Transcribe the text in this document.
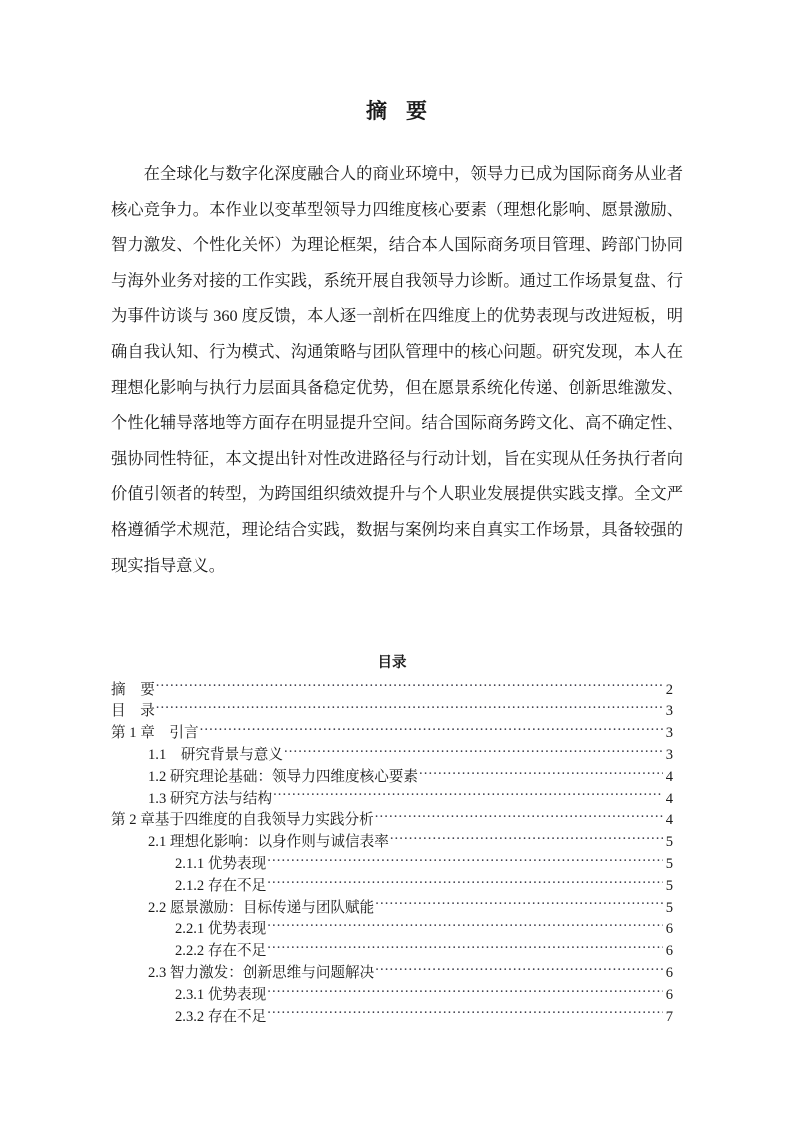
摘 要

在全球化与数字化深度融合人的商业环境中，领导力已成为国际商务从业者核心竞争力。本作业以变革型领导力四维度核心要素（理想化影响、愿景激励、智力激发、个性化关怀）为理论框架，结合本人国际商务项目管理、跨部门协同与海外业务对接的工作实践，系统开展自我领导力诊断。通过工作场景复盘、行为事件访谈与 360 度反馈，本人逐一剖析在四维度上的优势表现与改进短板，明确自我认知、行为模式、沟通策略与团队管理中的核心问题。研究发现，本人在理想化影响与执行力层面具备稳定优势，但在愿景系统化传递、创新思维激发、个性化辅导落地等方面存在明显提升空间。结合国际商务跨文化、高不确定性、强协同性特征，本文提出针对性改进路径与行动计划，旨在实现从任务执行者向价值引领者的转型，为跨国组织绩效提升与个人职业发展提供实践支撑。全文严格遵循学术规范，理论结合实践，数据与案例均来自真实工作场景，具备较强的现实指导意义。

目录
摘　要 .....	2
目　录 .....	3
第 1 章　引言 .....	3
1.1　研究背景与意义 .....	3
1.2 研究理论基础：领导力四维度核心要素 .....	4
1.3 研究方法与结构 .....	4
第 2 章基于四维度的自我领导力实践分析 .....	4
2.1 理想化影响：以身作则与诚信表率 .....	5
2.1.1 优势表现 .....	5
2.1.2 存在不足 .....	5
2.2 愿景激励：目标传递与团队赋能 .....	5
2.2.1 优势表现 .....	6
2.2.2 存在不足 .....	6
2.3 智力激发：创新思维与问题解决 .....	6
2.3.1 优势表现 .....	6
2.3.2 存在不足 .....	7
